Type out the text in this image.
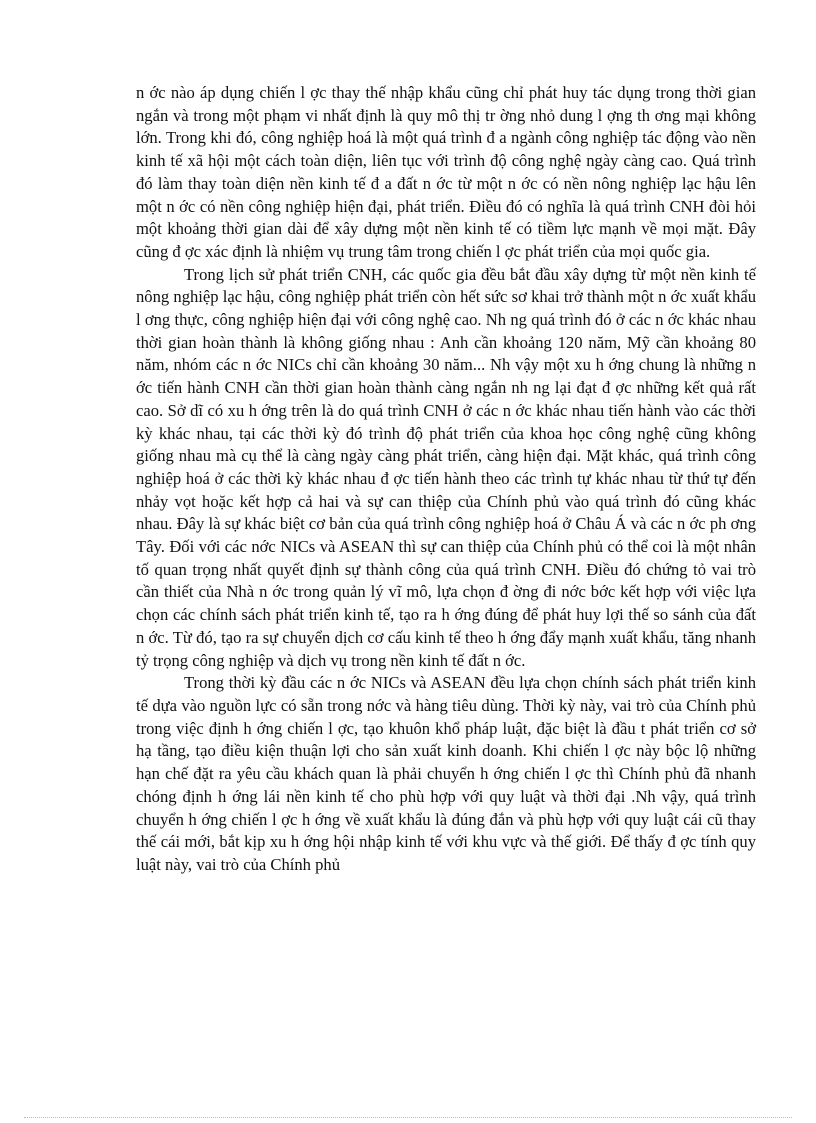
n ớc nào áp dụng chiến l ợc thay thế nhập khẩu cũng chỉ phát huy tác dụng trong thời gian ngắn và trong một phạm vi nhất định là quy mô thị tr ờng nhỏ dung l ợng th ơng mại không lớn. Trong khi đó, công nghiệp hoá là một quá trình đ a ngành công nghiệp tác động vào nền kinh tế xã hội một cách toàn diện, liên tục với trình độ công nghệ ngày càng cao. Quá trình đó làm thay toàn diện nền kinh tế đ a đất n ớc từ một n ớc có nền nông nghiệp lạc hậu lên một n ớc có nền công nghiệp hiện đại, phát triển. Điều đó có nghĩa là quá trình CNH đòi hỏi một khoảng thời gian dài để xây dựng một nền kinh tế có tiềm lực mạnh về mọi mặt. Đây cũng đ ợc xác định là nhiệm vụ trung tâm trong chiến l ợc phát triển của mọi quốc gia.

Trong lịch sử phát triển CNH, các quốc gia đều bắt đầu xây dựng từ một nền kinh tế nông nghiệp lạc hậu, công nghiệp phát triển còn hết sức sơ khai trở thành một n ớc xuất khẩu l ơng thực, công nghiệp hiện đại với công nghệ cao. Nh ng quá trình đó ở các n ớc khác nhau thời gian hoàn thành là không giống nhau : Anh cần khoảng 120 năm, Mỹ cần khoảng 80 năm, nhóm các n ớc NICs chỉ cần khoảng 30 năm... Nh vậy một xu h ớng chung là những n ớc tiến hành CNH cần thời gian hoàn thành càng ngắn nh ng lại đạt đ ợc những kết quả rất cao. Sở dĩ có xu h ớng trên là do quá trình CNH ở các n ớc khác nhau tiến hành vào các thời kỳ khác nhau, tại các thời kỳ đó trình độ phát triển của khoa học công nghệ cũng không giống nhau mà cụ thể là càng ngày càng phát triển, càng hiện đại. Mặt khác, quá trình công nghiệp hoá ở các thời kỳ khác nhau đ ợc tiến hành theo các trình tự khác nhau từ thứ tự đến nhảy vọt hoặc kết hợp cả hai và sự can thiệp của Chính phủ vào quá trình đó cũng khác nhau. Đây là sự khác biệt cơ bản của quá trình công nghiệp hoá ở Châu Á và các n ớc ph ơng Tây. Đối với các nớc NICs và ASEAN thì sự can thiệp của Chính phủ có thể coi là một nhân tố quan trọng nhất quyết định sự thành công của quá trình CNH. Điều đó chứng tỏ vai trò cần thiết của Nhà n ớc trong quản lý vĩ mô, lựa chọn đ ờng đi nớc bớc kết hợp với việc lựa chọn các chính sách phát triển kinh tế, tạo ra h ớng đúng để phát huy lợi thế so sánh của đất n ớc. Từ đó, tạo ra sự chuyển dịch cơ cấu kinh tế theo h ớng đẩy mạnh xuất khẩu, tăng nhanh tỷ trọng công nghiệp và dịch vụ trong nền kinh tế đất n ớc.

Trong thời kỳ đầu các n ớc NICs và ASEAN đều lựa chọn chính sách phát triển kinh tế dựa vào nguồn lực có sẵn trong nớc và hàng tiêu dùng. Thời kỳ này, vai trò của Chính phủ trong việc định h ớng chiến l ợc, tạo khuôn khổ pháp luật, đặc biệt là đầu t phát triển cơ sở hạ tầng, tạo điều kiện thuận lợi cho sản xuất kinh doanh. Khi chiến l ợc này bộc lộ những hạn chế đặt ra yêu cầu khách quan là phải chuyển h ớng chiến l ợc thì Chính phủ đã nhanh chóng định h ớng lái nền kinh tế cho phù hợp với quy luật và thời đại .Nh vậy, quá trình chuyển h ớng chiến l ợc h ớng về xuất khẩu là đúng đắn và phù hợp với quy luật cái cũ thay thế cái mới, bắt kịp xu h ớng hội nhập kinh tế với khu vực và thế giới. Để thấy đ ợc tính quy luật này, vai trò của Chính phủ
